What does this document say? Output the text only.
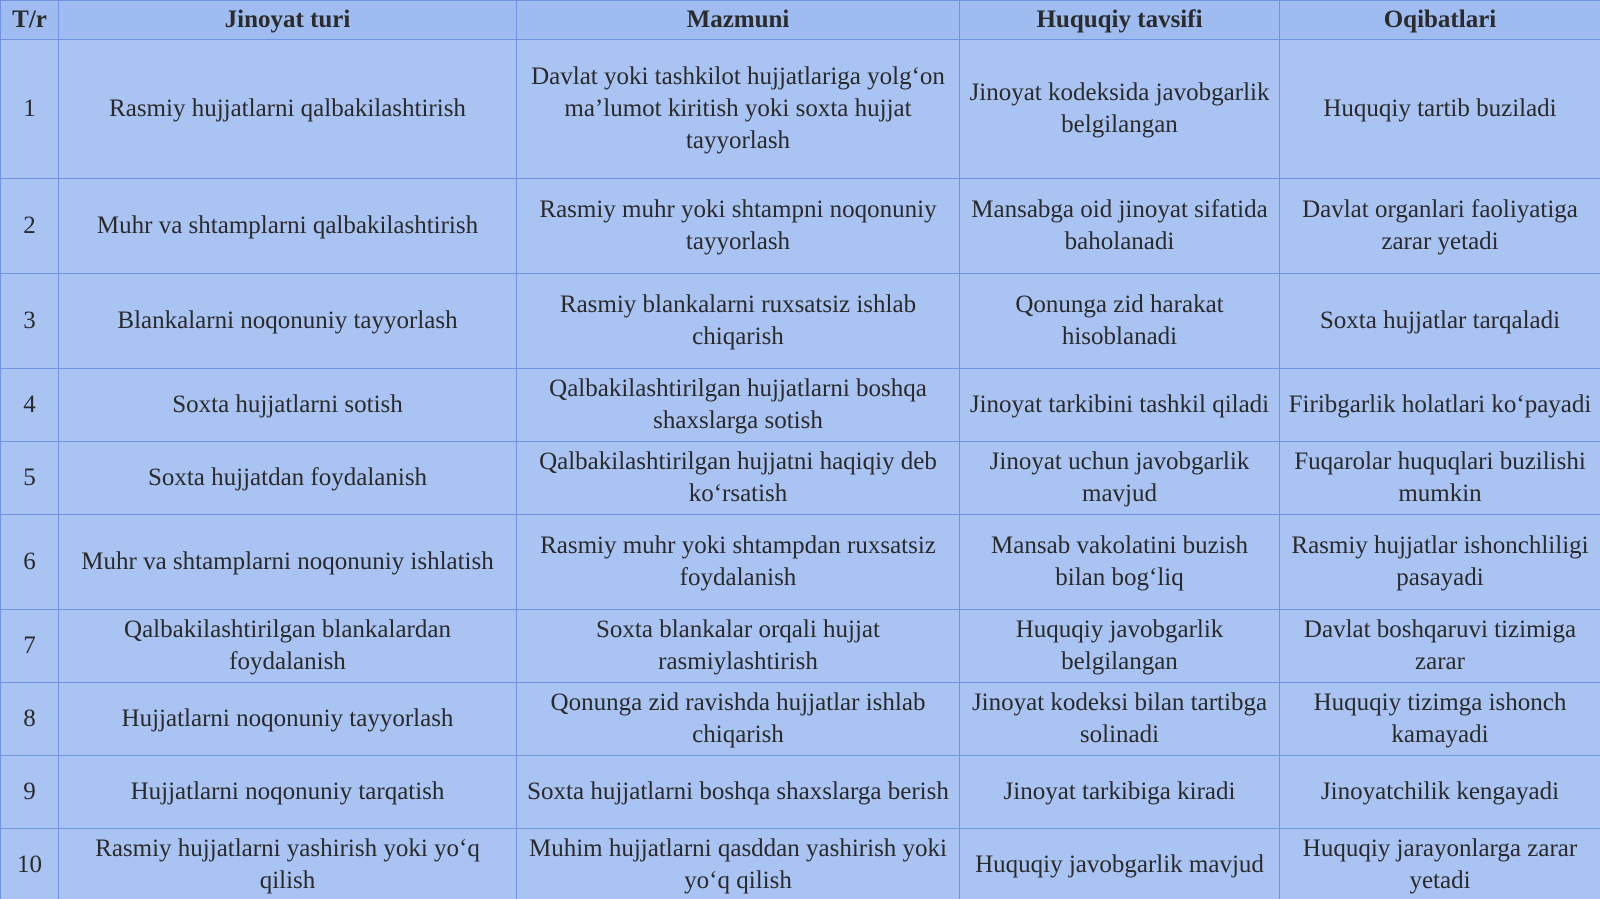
T/r	Jinoyat turi	Mazmuni	Huquqiy tavsifi	Oqibatlari
1	Rasmiy hujjatlarni qalbakilashtirish	Davlat yoki tashkilot hujjatlariga yolg‘on ma’lumot kiritish yoki soxta hujjat tayyorlash	Jinoyat kodeksida javobgarlik belgilangan	Huquqiy tartib buziladi
2	Muhr va shtamplarni qalbakilashtirish	Rasmiy muhr yoki shtampni noqonuniy tayyorlash	Mansabga oid jinoyat sifatida baholanadi	Davlat organlari faoliyatiga zarar yetadi
3	Blankalarni noqonuniy tayyorlash	Rasmiy blankalarni ruxsatsiz ishlab chiqarish	Qonunga zid harakat hisoblanadi	Soxta hujjatlar tarqaladi
4	Soxta hujjatlarni sotish	Qalbakilashtirilgan hujjatlarni boshqa shaxslarga sotish	Jinoyat tarkibini tashkil qiladi	Firibgarlik holatlari ko‘payadi
5	Soxta hujjatdan foydalanish	Qalbakilashtirilgan hujjatni haqiqiy deb ko‘rsatish	Jinoyat uchun javobgarlik mavjud	Fuqarolar huquqlari buzilishi mumkin
6	Muhr va shtamplarni noqonuniy ishlatish	Rasmiy muhr yoki shtampdan ruxsatsiz foydalanish	Mansab vakolatini buzish bilan bog‘liq	Rasmiy hujjatlar ishonchliligi pasayadi
7	Qalbakilashtirilgan blankalardan foydalanish	Soxta blankalar orqali hujjat rasmiylashtirish	Huquqiy javobgarlik belgilangan	Davlat boshqaruvi tizimiga zarar
8	Hujjatlarni noqonuniy tayyorlash	Qonunga zid ravishda hujjatlar ishlab chiqarish	Jinoyat kodeksi bilan tartibga solinadi	Huquqiy tizimga ishonch kamayadi
9	Hujjatlarni noqonuniy tarqatish	Soxta hujjatlarni boshqa shaxslarga berish	Jinoyat tarkibiga kiradi	Jinoyatchilik kengayadi
10	Rasmiy hujjatlarni yashirish yoki yo‘q qilish	Muhim hujjatlarni qasddan yashirish yoki yo‘q qilish	Huquqiy javobgarlik mavjud	Huquqiy jarayonlarga zarar yetadi
